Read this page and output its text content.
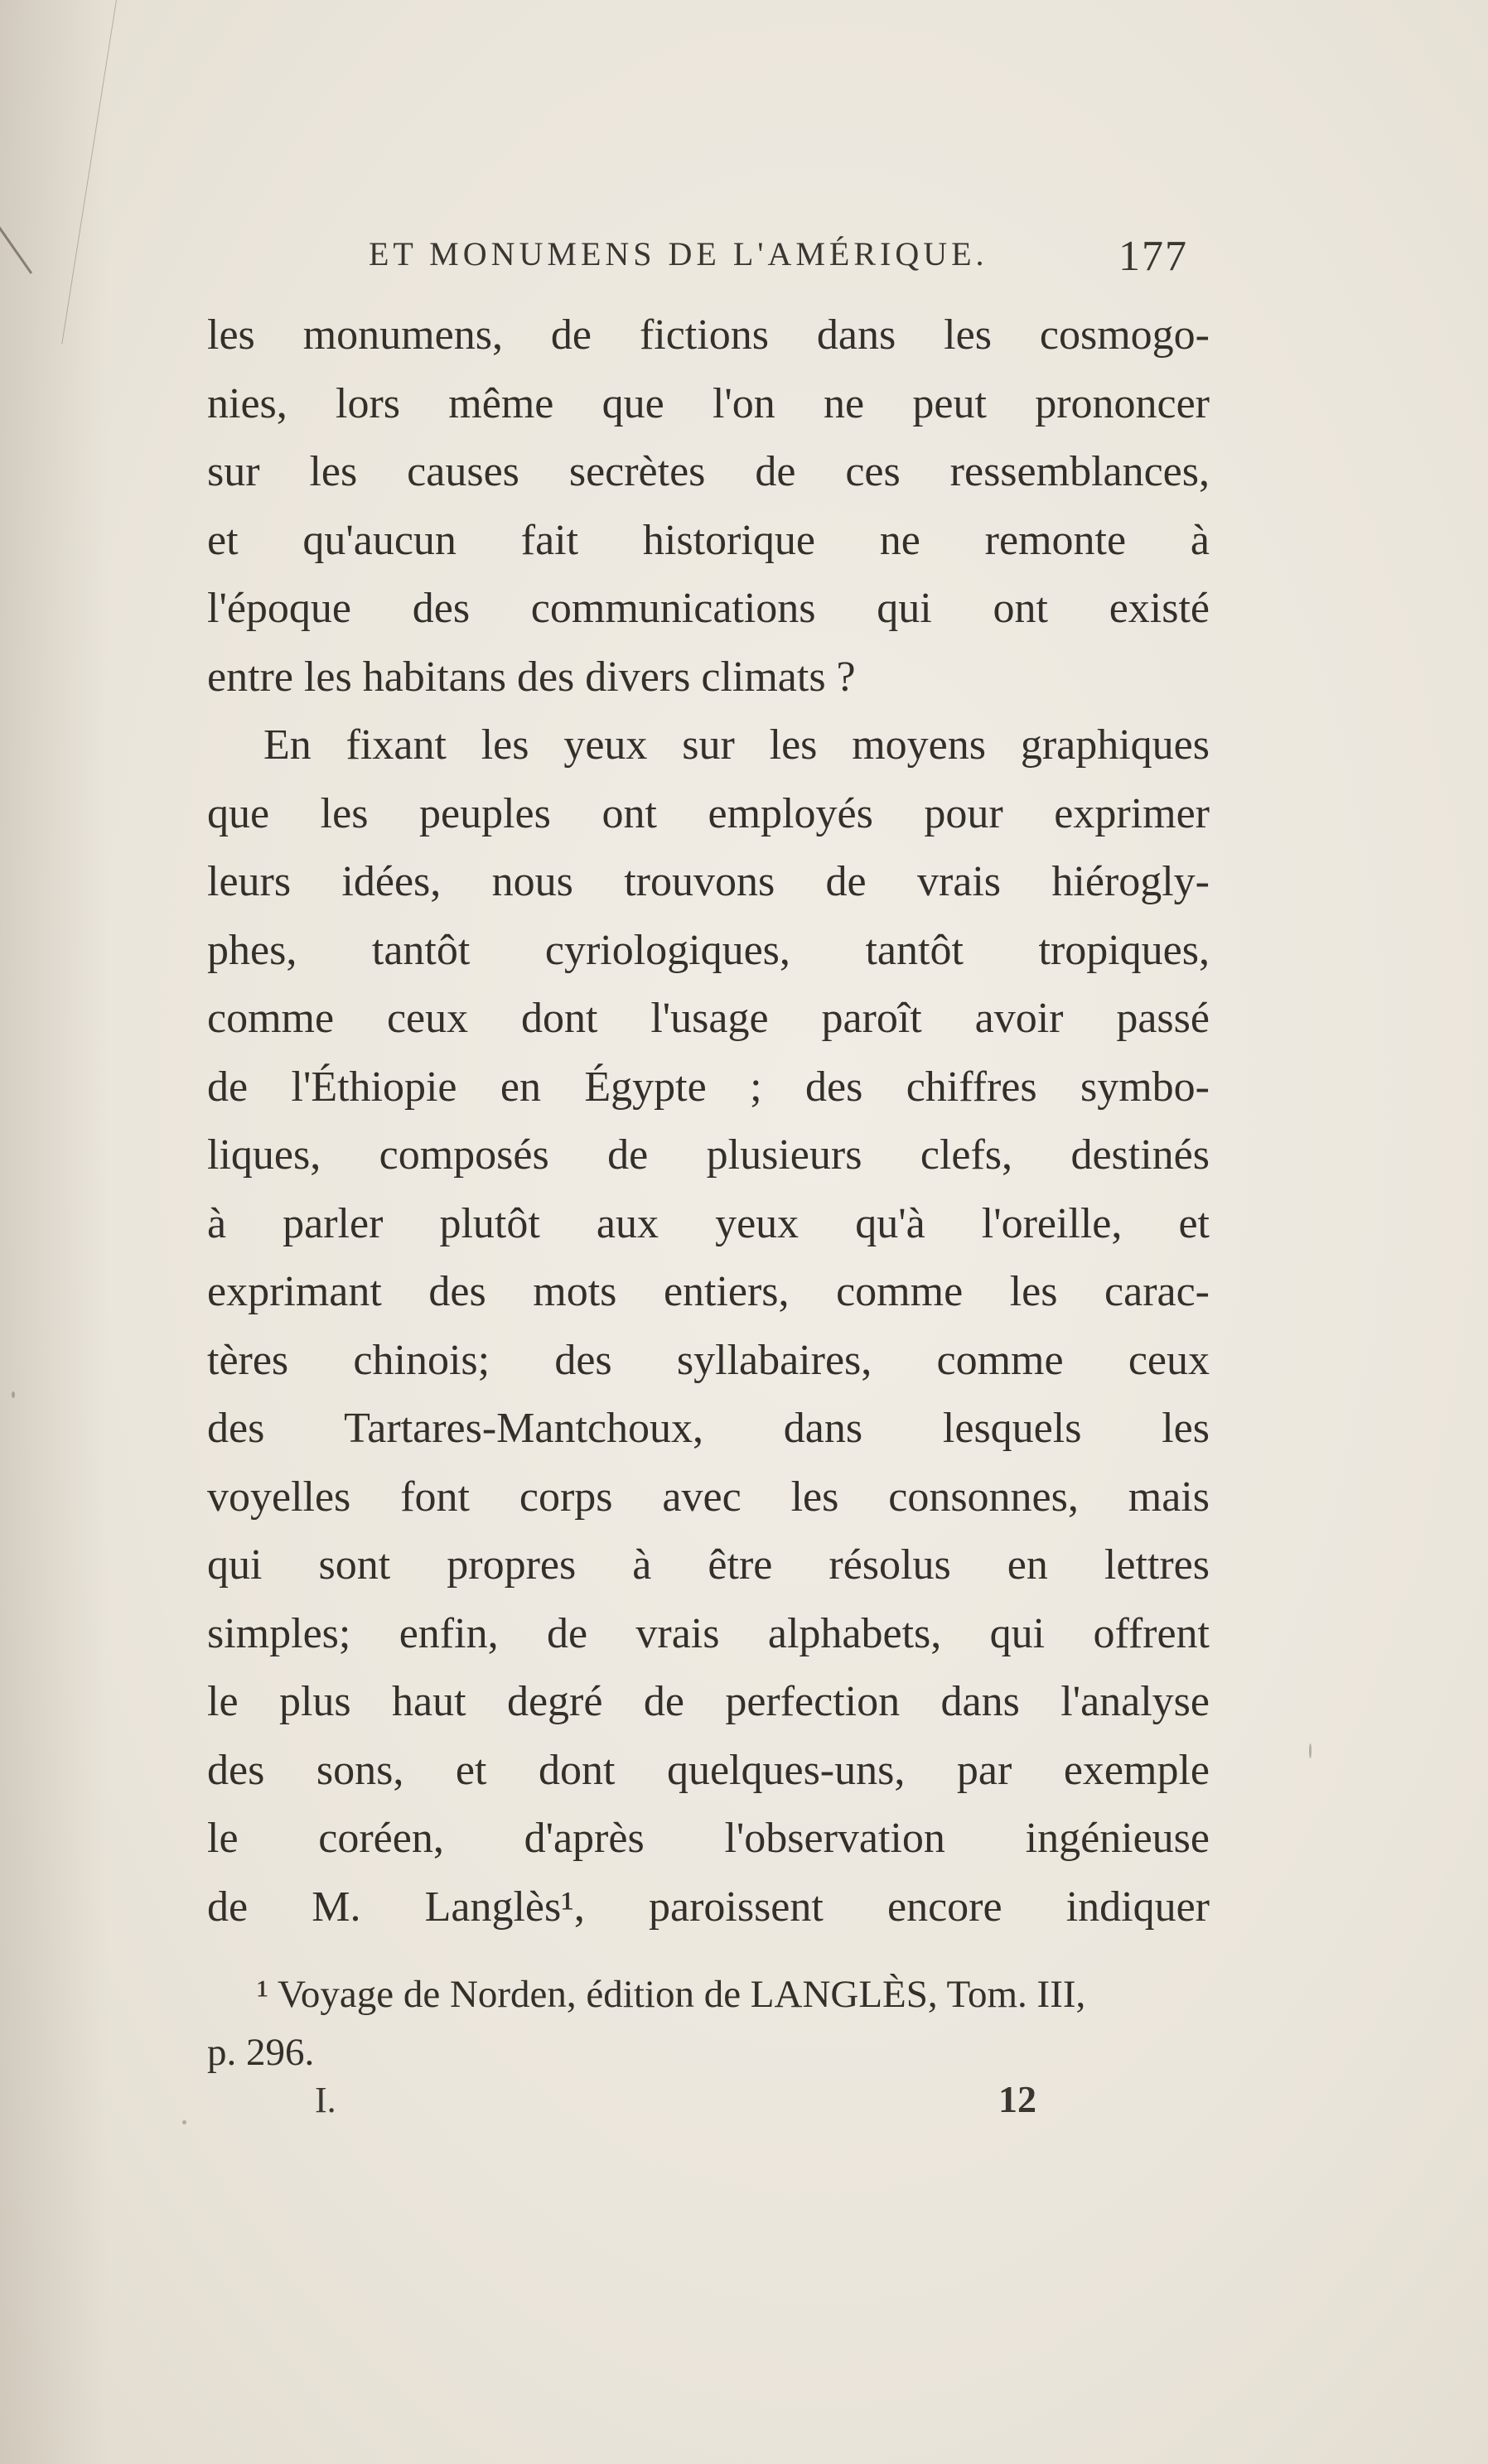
ET MONUMENS DE L'AMÉRIQUE.	177
les monumens, de fictions dans les cosmogo-
nies, lors même que l'on ne peut prononcer
sur les causes secrètes de ces ressemblances,
et qu'aucun fait historique ne remonte à
l'époque des communications qui ont existé
entre les habitans des divers climats ?
En fixant les yeux sur les moyens graphiques
que les peuples ont employés pour exprimer
leurs idées, nous trouvons de vrais hiérogly-
phes, tantôt cyriologiques, tantôt tropiques,
comme ceux dont l'usage paroît avoir passé
de l'Éthiopie en Égypte ; des chiffres symbo-
liques, composés de plusieurs clefs, destinés
à parler plutôt aux yeux qu'à l'oreille, et
exprimant des mots entiers, comme les carac-
tères chinois; des syllabaires, comme ceux
des Tartares-Mantchoux, dans lesquels les
voyelles font corps avec les consonnes, mais
qui sont propres à être résolus en lettres
simples; enfin, de vrais alphabets, qui offrent
le plus haut degré de perfection dans l'analyse
des sons, et dont quelques-uns, par exemple
le coréen, d'après l'observation ingénieuse
de M. Langlès¹, paroissent encore indiquer
¹ Voyage de Norden, édition de LANGLÈS, Tom. III,
p. 296.
I.	12
